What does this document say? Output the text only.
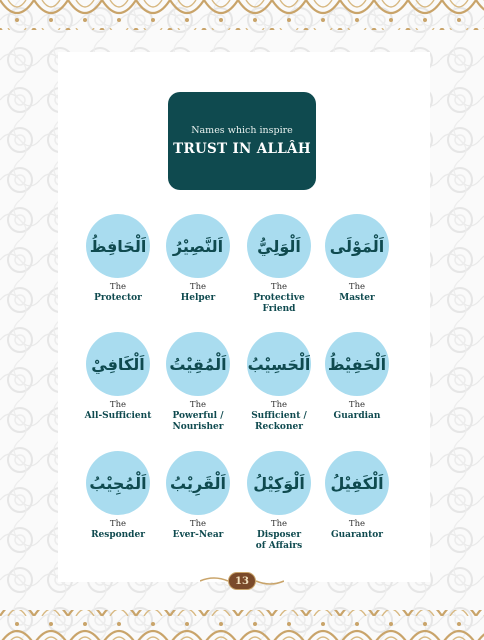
Names which inspire
TRUST IN ALLÂH
اَلْحَافِظُ
The
Protector
اَلنَّصِيْرُ
The
Helper
اَلْوَلِيُّ
The
Protective
Friend
اَلْمَوْلَى
The
Master
اَلْكَافِيْ
The
All-Sufficient
اَلْمُقِيْتُ
The
Powerful /
Nourisher
اَلْحَسِيْبُ
The
Sufficient /
Reckoner
اَلْحَفِيْظُ
The
Guardian
اَلْمُجِيْبُ
The
Responder
اَلْقَرِيْبُ
The
Ever-Near
اَلْوَكِيْلُ
The
Disposer
of Affairs
اَلْكَفِيْلُ
The
Guarantor
13
